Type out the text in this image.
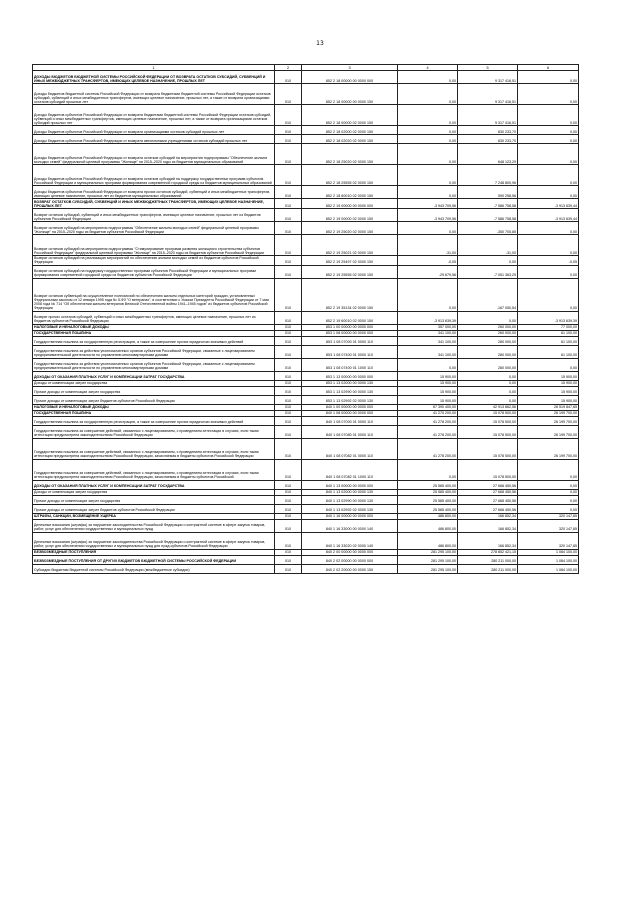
13
1	2	3	4	5	6
ДОХОДЫ БЮДЖЕТОВ БЮДЖЕТНОЙ СИСТЕМЫ РОССИЙСКОЙ ФЕДЕРАЦИИ ОТ ВОЗВРАТА ОСТАТКОВ СУБСИДИЙ, СУБВЕНЦИЙ И ИНЫХ МЕЖБЮДЖЕТНЫХ ТРАНСФЕРТОВ, ИМЕЮЩИХ ЦЕЛЕВОЕ НАЗНАЧЕНИЕ, ПРОШЛЫХ ЛЕТ	010	852 2 18 00000 00 0000 000	0,00	9 317 416,51	0,00
Доходы бюджетов бюджетной системы Российской Федерации от возврата бюджетами бюджетной системы Российской Федерации остатков субсидий, субвенций и иных межбюджетных трансфертов, имеющих целевое назначение, прошлых лет, а также от возврата организациями остатков субсидий прошлых лет	010	852 2 18 00000 00 0000 150	0,00	9 317 416,51	0,00
Доходы бюджетов субъектов Российской Федерации от возврата бюджетами бюджетной системы Российской Федерации остатков субсидий, субвенций и иных межбюджетных трансфертов, имеющих целевое назначение, прошлых лет, а также от возврата организациями остатков субсидий прошлых лет	010	852 2 18 00000 02 0000 150	0,00	9 317 416,51	0,00
Доходы бюджетов субъектов Российской Федерации от возврата организациями остатков субсидий прошлых лет	010	852 2 18 02000 02 0000 150	0,00	830 233,70	0,00
Доходы бюджетов субъектов Российской Федерации от возврата автономными учреждениями остатков субсидий прошлых лет	010	852 2 18 02020 02 0000 150	0,00	830 233,70	0,00
Доходы бюджетов субъектов Российской Федерации от возврата остатков субсидий на мероприятия подпрограммы "Обеспечение жильем молодых семей" федеральной целевой программы "Жилище" на 2015–2020 годы из бюджетов муниципальных образований	010	852 2 18 25020 02 0000 150	0,00	648 123,29	0,00
Доходы бюджетов субъектов Российской Федерации от возврата остатков субсидий на поддержку государственных программ субъектов Российской Федерации и муниципальных программ формирования современной городской среды из бюджетов муниципальных образований	010	852 2 18 25555 02 0000 150	0,00	7 248 800,96	0,00
Доходы бюджетов субъектов Российской Федерации от возврата прочих остатков субсидий, субвенций и иных межбюджетных трансфертов, имеющих целевое назначение, прошлых лет из бюджетов муниципальных образований	010	852 2 18 60010 02 0000 150	0,00	590 258,56	0,00
ВОЗВРАТ ОСТАТКОВ СУБСИДИЙ, СУБВЕНЦИЙ И ИНЫХ МЕЖБЮДЖЕТНЫХ ТРАНСФЕРТОВ, ИМЕЮЩИХ ЦЕЛЕВОЕ НАЗНАЧЕНИЕ, ПРОШЛЫХ ЛЕТ	010	852 2 19 00000 00 0000 000	-3 943 709,56	-7 586 758,58	-3 913 639,44
Возврат остатков субсидий, субвенций и иных межбюджетных трансфертов, имеющих целевое назначение, прошлых лет из бюджетов субъектов Российской Федерации	010	852 2 19 00000 02 0000 150	-3 943 709,56	-7 586 758,58	-3 913 639,44
Возврат остатков субсидий на мероприятия подпрограммы "Обеспечение жильем молодых семей" федеральной целевой программы "Жилище" на 2015–2020 годы из бюджетов субъектов Российской Федерации	010	852 2 19 25020 02 0000 150	0,00	-350 705,85	0,00
Возврат остатков субсидий на мероприятия подпрограммы "Стимулирование программ развития жилищного строительства субъектов Российской Федерации" федеральной целевой программы "Жилище" на 2015–2020 годы из бюджетов субъектов Российской Федерации	010	852 2 19 25021 02 0000 150	-31,00	-31,00	0,00
Возврат остатков субсидий на реализацию мероприятий по обеспечению жильем молодых семей из бюджетов субъектов Российской Федерации	010	852 2 19 25497 02 0000 150	-0,05	0,00	-0,05
Возврат остатков субсидий на поддержку государственных программ субъектов Российской Федерации и муниципальных программ формирования современной городской среды из бюджетов субъектов Российской Федерации	010	852 2 19 25555 02 0000 150	-29 679,56	-7 051 363,29	0,00
Возврат остатков субвенций на осуществление полномочий по обеспечению жильем отдельных категорий граждан, установленных Федеральным законом от 12 января 1995 года № 5-ФЗ "О ветеранах", в соответствии с Указом Президента Российской Федерации от 7 мая 2008 года № 714 "Об обеспечении жильем ветеранов Великой Отечественной войны 1941–1945 годов" из бюджетов субъектов Российской Федерации	010	852 2 19 35134 02 0000 150	0,00	-167 050,54	0,00
Возврат прочих остатков субсидий, субвенций и иных межбюджетных трансфертов, имеющих целевое назначение, прошлых лет из бюджетов субъектов Российской Федерации	010	852 2 19 60010 02 0000 150	-3 913 639,39	0,00	-3 913 639,39
НАЛОГОВЫЕ И НЕНАЛОГОВЫЕ ДОХОДЫ	010	853 1 00 00000 00 0000 000	357 000,00	260 000,00	77 000,00
ГОСУДАРСТВЕННАЯ ПОШЛИНА	010	853 1 08 00000 00 0000 000	341 100,00	260 000,00	61 100,00
Государственная пошлина за государственную регистрацию, а также за совершение прочих юридически значимых действий	010	853 1 08 07000 01 0000 110	341 100,00	280 000,00	61 100,00
Государственная пошлина за действия уполномоченных органов субъектов Российской Федерации, связанные с лицензированием предпринимательской деятельности по управлению многоквартирными домами	010	853 1 08 07400 01 0000 110	341 100,00	280 000,00	61 100,00
Государственная пошлина за действия уполномоченных органов субъектов Российской Федерации, связанные с лицензированием предпринимательской деятельности по управлению многоквартирными домами	010	853 1 08 07400 01 1000 110	0,00	280 000,00	0,00
ДОХОДЫ ОТ ОКАЗАНИЯ ПЛАТНЫХ УСЛУГ И КОМПЕНСАЦИИ ЗАТРАТ ГОСУДАРСТВА	010	853 1 13 00000 00 0000 000	15 900,00	0,00	15 900,00
Доходы от компенсации затрат государства	010	853 1 13 02000 00 0000 130	15 900,00	0,00	15 900,00
Прочие доходы от компенсации затрат государства	010	853 1 13 02990 00 0000 130	15 900,00	0,00	15 900,00
Прочие доходы от компенсации затрат бюджетов субъектов Российской Федерации	010	853 1 13 02992 02 0000 130	15 900,00	0,00	15 900,00
НАЛОГОВЫЕ И НЕНАЛОГОВЫЕ ДОХОДЫ	010	840 1 00 00000 00 0000 000	67 390 400,00	42 913 862,56	26 519 847,85
ГОСУДАРСТВЕННАЯ ПОШЛИНА	010	840 1 08 00000 00 0000 000	41 275 200,00	15 078 500,00	26 199 700,00
Государственная пошлина за государственную регистрацию, а также за совершение прочих юридически значимых действий	010	840 1 08 07000 01 0000 110	41 278 200,00	15 078 500,00	26 199 700,00
Государственная пошлина за совершение действий, связанных с лицензированием, с проведением аттестации в случаях, если такая аттестация предусмотрена законодательством Российской Федерации	010	840 1 08 07080 01 0000 110	41 278 200,00	15 078 500,00	26 199 700,00
Государственная пошлина за совершение действий, связанных с лицензированием, с проведением аттестации в случаях, если такая аттестация предусмотрена законодательством Российской Федерации, зачисляемая в бюджеты субъектов Российской Федерации	010	840 1 08 07082 01 0000 110	41 278 200,00	15 078 500,00	26 199 700,00
Государственная пошлина за совершение действий, связанных с лицензированием, с проведением аттестации в случаях, если такая аттестация предусмотрена законодательством Российской Федерации, зачисляемая в бюджеты субъектов Российской	010	840 1 08 07082 01 1000 110	0,00	15 078 500,00	0,00
ДОХОДЫ ОТ ОКАЗАНИЯ ПЛАТНЫХ УСЛУГ И КОМПЕНСАЦИИ ЗАТРАТ ГОСУДАРСТВА	010	840 1 13 00000 00 0000 000	25 585 400,00	27 668 450,56	0,00
Доходы от компенсации затрат государства	010	840 1 13 02000 00 0000 130	25 585 400,00	27 668 450,56	0,00
Прочие доходы от компенсации затрат государства	010	840 1 13 02990 00 0000 130	25 585 400,00	27 668 450,56	0,00
Прочие доходы от компенсации затрат бюджетов субъектов Российской Федерации	010	840 1 13 02992 02 0000 130	25 585 400,00	27 668 450,56	0,00
ШТРАФЫ, САНКЦИИ, ВОЗМЕЩЕНИЕ УЩЕРБА	010	840 1 16 00000 00 0000 000	486 800,00	166 852,34	320 147,85
Денежные взыскания (штрафы) за нарушение законодательства Российской Федерации о контрактной системе в сфере закупок товаров, работ, услуг для обеспечения государственных и муниципальных нужд	010	840 1 16 33000 00 0000 140	486 800,00	166 852,34	320 147,85
Денежные взыскания (штрафы) за нарушение законодательства Российской Федерации о контрактной системе в сфере закупок товаров, работ, услуг для обеспечения государственных и муниципальных нужд для нужд субъектов Российской Федерации	010	840 1 16 33020 02 0000 140	486 800,00	166 852,34	320 147,85
БЕЗВОЗМЕЗДНЫЕ ПОСТУПЛЕНИЯ	010	840 2 00 00000 00 0000 000	281 295 100,00	278 852 421,15	1 084 100,00
БЕЗВОЗМЕЗДНЫЕ ПОСТУПЛЕНИЯ ОТ ДРУГИХ БЮДЖЕТОВ БЮДЖЕТНОЙ СИСТЕМЫ РОССИЙСКОЙ ФЕДЕРАЦИИ	010	840 2 02 00000 00 0000 000	281 295 100,00	280 211 000,00	1 084 100,00
Субсидии бюджетам бюджетной системы Российской Федерации (межбюджетные субсидии)	010	840 2 02 20000 00 0000 150	281 295 100,00	280 211 000,00	1 084 100,00
